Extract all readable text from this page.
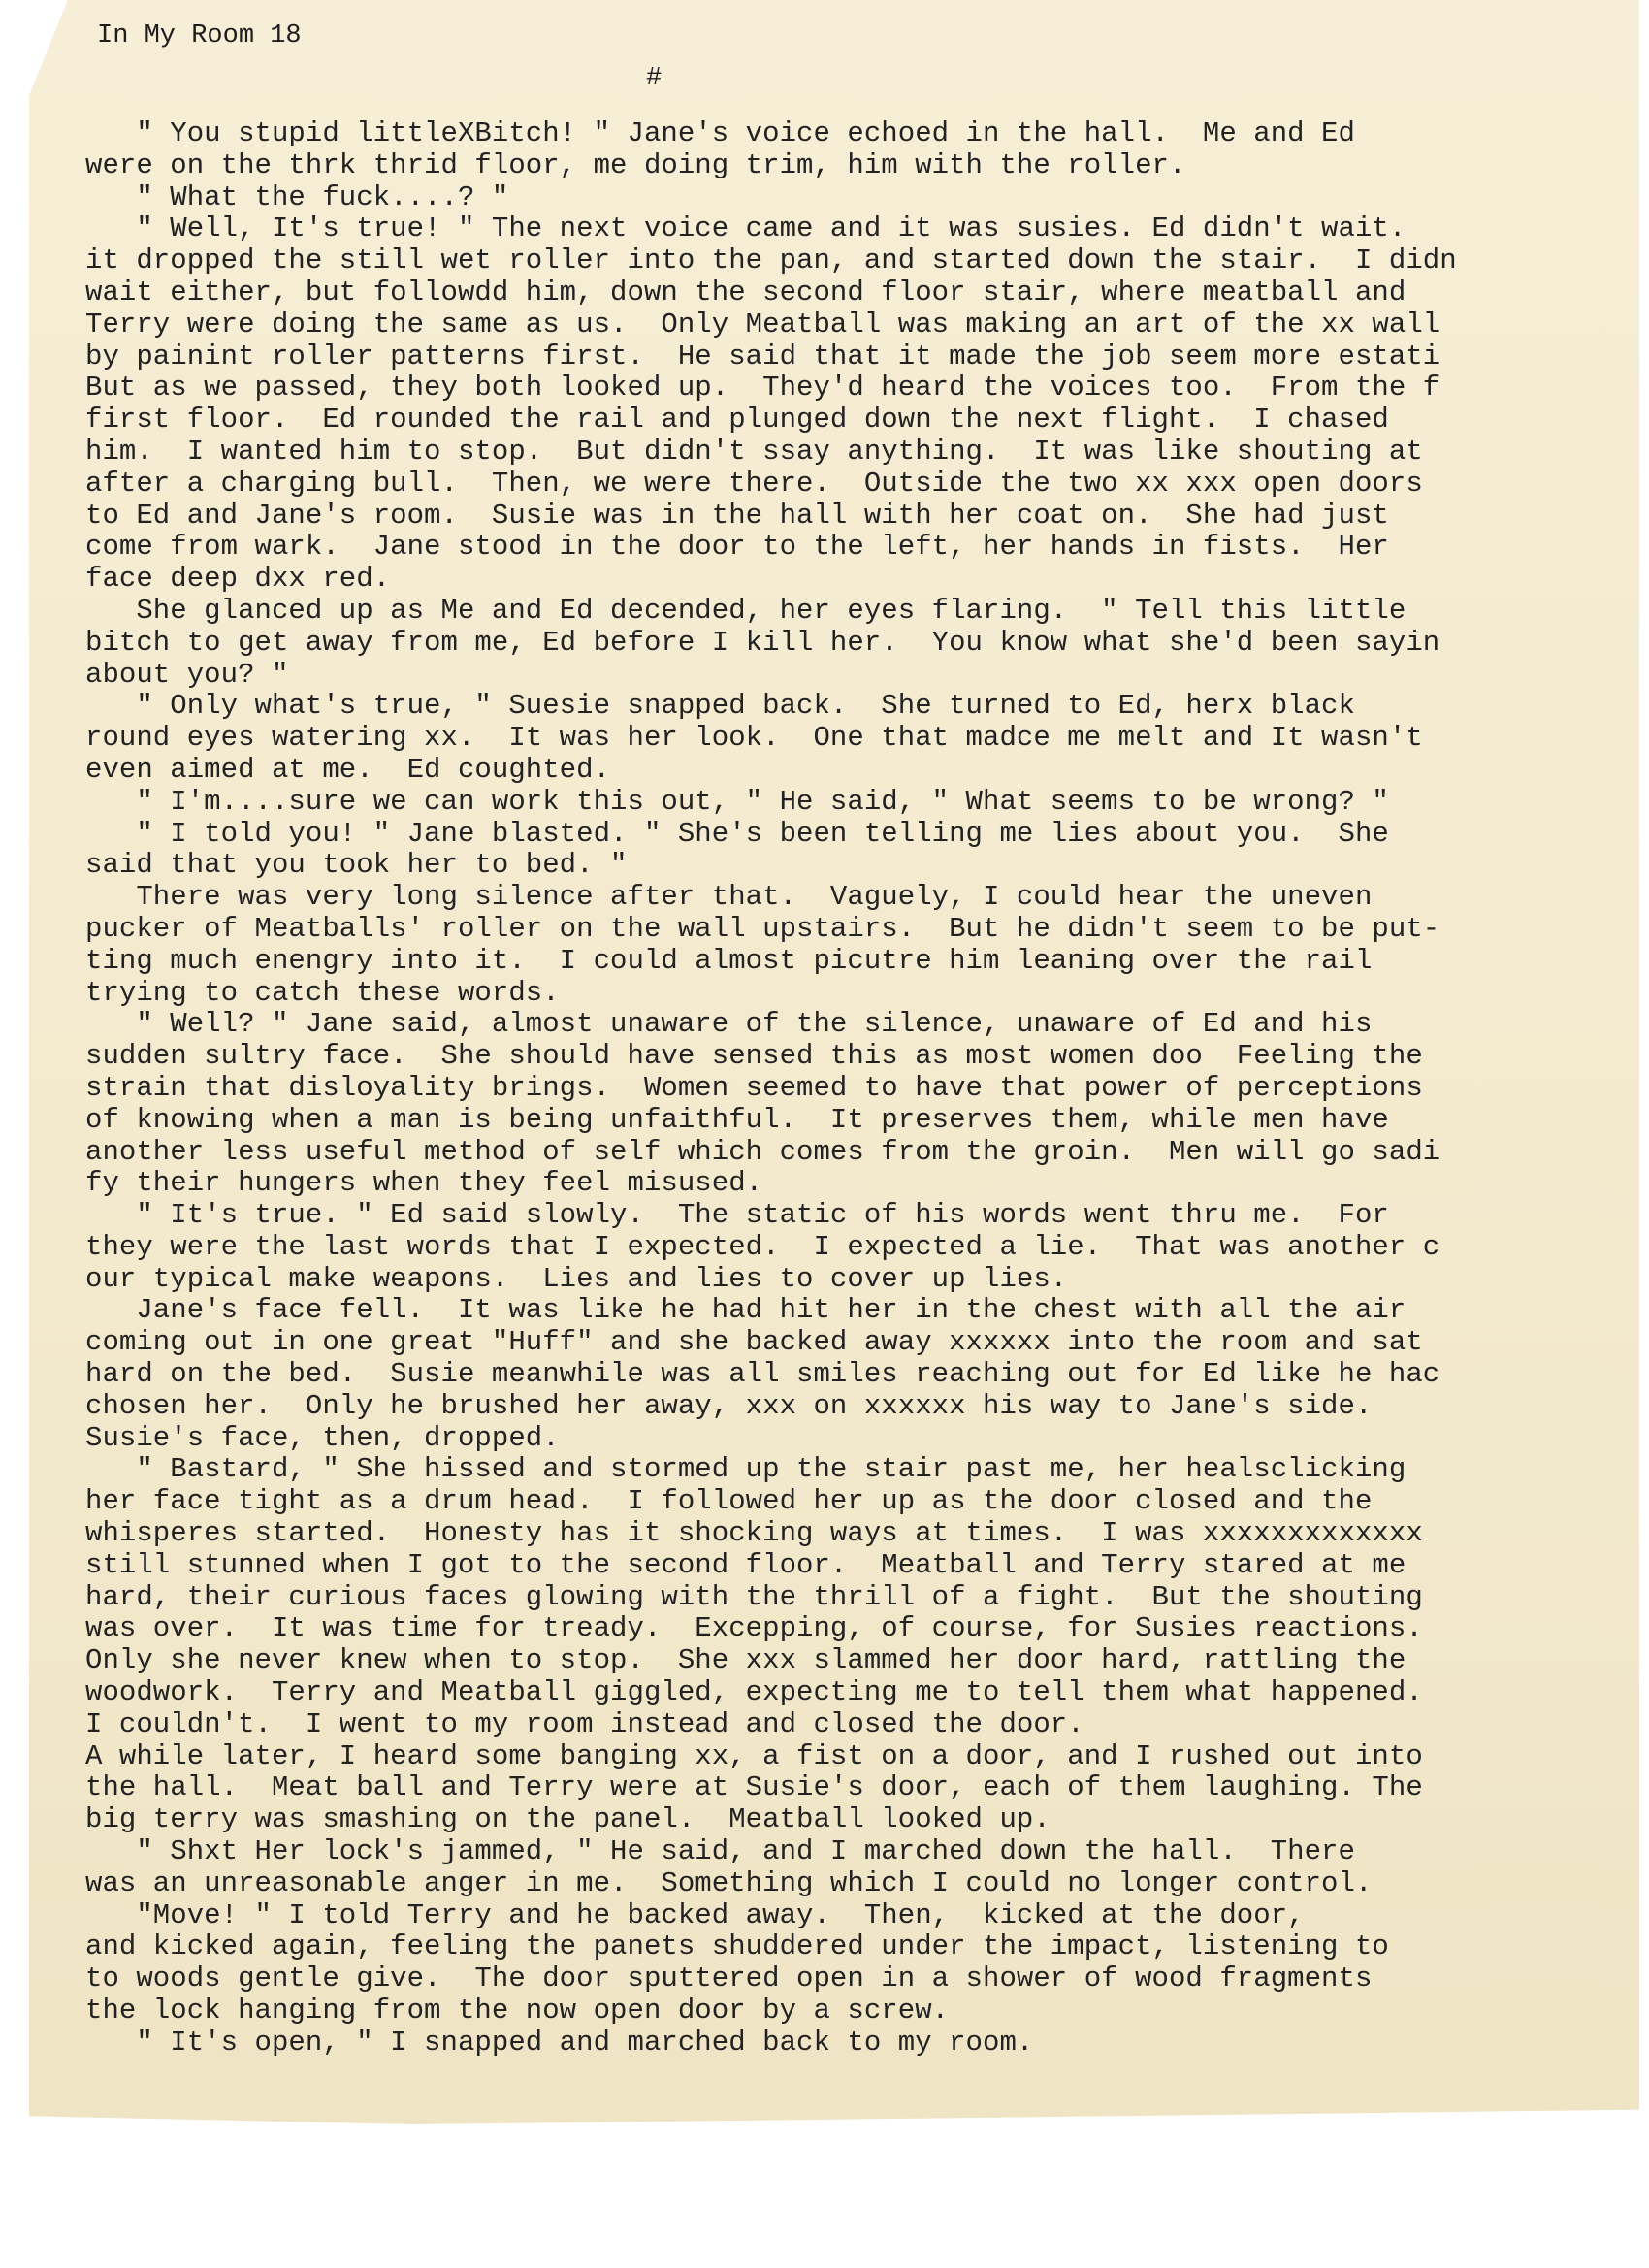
In My Room 18
#
" You stupid littleXBitch! " Jane's voice echoed in the hall.  Me and Ed
were on the thrk thrid floor, me doing trim, him with the roller.
" What the fuck....? "
" Well, It's true! " The next voice came and it was susies. Ed didn't wait.
it dropped the still wet roller into the pan, and started down the stair.  I didn
wait either, but followdd him, down the second floor stair, where meatball and
Terry were doing the same as us.  Only Meatball was making an art of the xx wall
by painint roller patterns first.  He said that it made the job seem more estati
But as we passed, they both looked up.  They'd heard the voices too.  From the f
first floor.  Ed rounded the rail and plunged down the next flight.  I chased
him.  I wanted him to stop.  But didn't ssay anything.  It was like shouting at
after a charging bull.  Then, we were there.  Outside the two xx xxx open doors
to Ed and Jane's room.  Susie was in the hall with her coat on.  She had just
come from wark.  Jane stood in the door to the left, her hands in fists.  Her
face deep dxx red.
She glanced up as Me and Ed decended, her eyes flaring.  " Tell this little
bitch to get away from me, Ed before I kill her.  You know what she'd been sayin
about you? "
" Only what's true, " Suesie snapped back.  She turned to Ed, herx black
round eyes watering xx.  It was her look.  One that madce me melt and It wasn't
even aimed at me.  Ed coughted.
" I'm....sure we can work this out, " He said, " What seems to be wrong? "
" I told you! " Jane blasted. " She's been telling me lies about you.  She
said that you took her to bed. "
There was very long silence after that.  Vaguely, I could hear the uneven
pucker of Meatballs' roller on the wall upstairs.  But he didn't seem to be put-
ting much enengry into it.  I could almost picutre him leaning over the rail
trying to catch these words.
" Well? " Jane said, almost unaware of the silence, unaware of Ed and his
sudden sultry face.  She should have sensed this as most women doo  Feeling the
strain that disloyality brings.  Women seemed to have that power of perceptions
of knowing when a man is being unfaithful.  It preserves them, while men have
another less useful method of self which comes from the groin.  Men will go sadi
fy their hungers when they feel misused.
" It's true. " Ed said slowly.  The static of his words went thru me.  For
they were the last words that I expected.  I expected a lie.  That was another c
our typical make weapons.  Lies and lies to cover up lies.
Jane's face fell.  It was like he had hit her in the chest with all the air
coming out in one great "Huff" and she backed away xxxxxx into the room and sat
hard on the bed.  Susie meanwhile was all smiles reaching out for Ed like he hac
chosen her.  Only he brushed her away, xxx on xxxxxx his way to Jane's side.
Susie's face, then, dropped.
" Bastard, " She hissed and stormed up the stair past me, her healsclicking
her face tight as a drum head.  I followed her up as the door closed and the
whisperes started.  Honesty has it shocking ways at times.  I was xxxxxxxxxxxxx
still stunned when I got to the second floor.  Meatball and Terry stared at me
hard, their curious faces glowing with the thrill of a fight.  But the shouting
was over.  It was time for tready.  Excepping, of course, for Susies reactions.
Only she never knew when to stop.  She xxx slammed her door hard, rattling the
woodwork.  Terry and Meatball giggled, expecting me to tell them what happened.
I couldn't.  I went to my room instead and closed the door.
A while later, I heard some banging xx, a fist on a door, and I rushed out into
the hall.  Meat ball and Terry were at Susie's door, each of them laughing. The
big terry was smashing on the panel.  Meatball looked up.
" Shxt Her lock's jammed, " He said, and I marched down the hall.  There
was an unreasonable anger in me.  Something which I could no longer control.
"Move! " I told Terry and he backed away.  Then,  kicked at the door,
and kicked again, feeling the panets shuddered under the impact, listening to
to woods gentle give.  The door sputtered open in a shower of wood fragments
the lock hanging from the now open door by a screw.
" It's open, " I snapped and marched back to my room.
